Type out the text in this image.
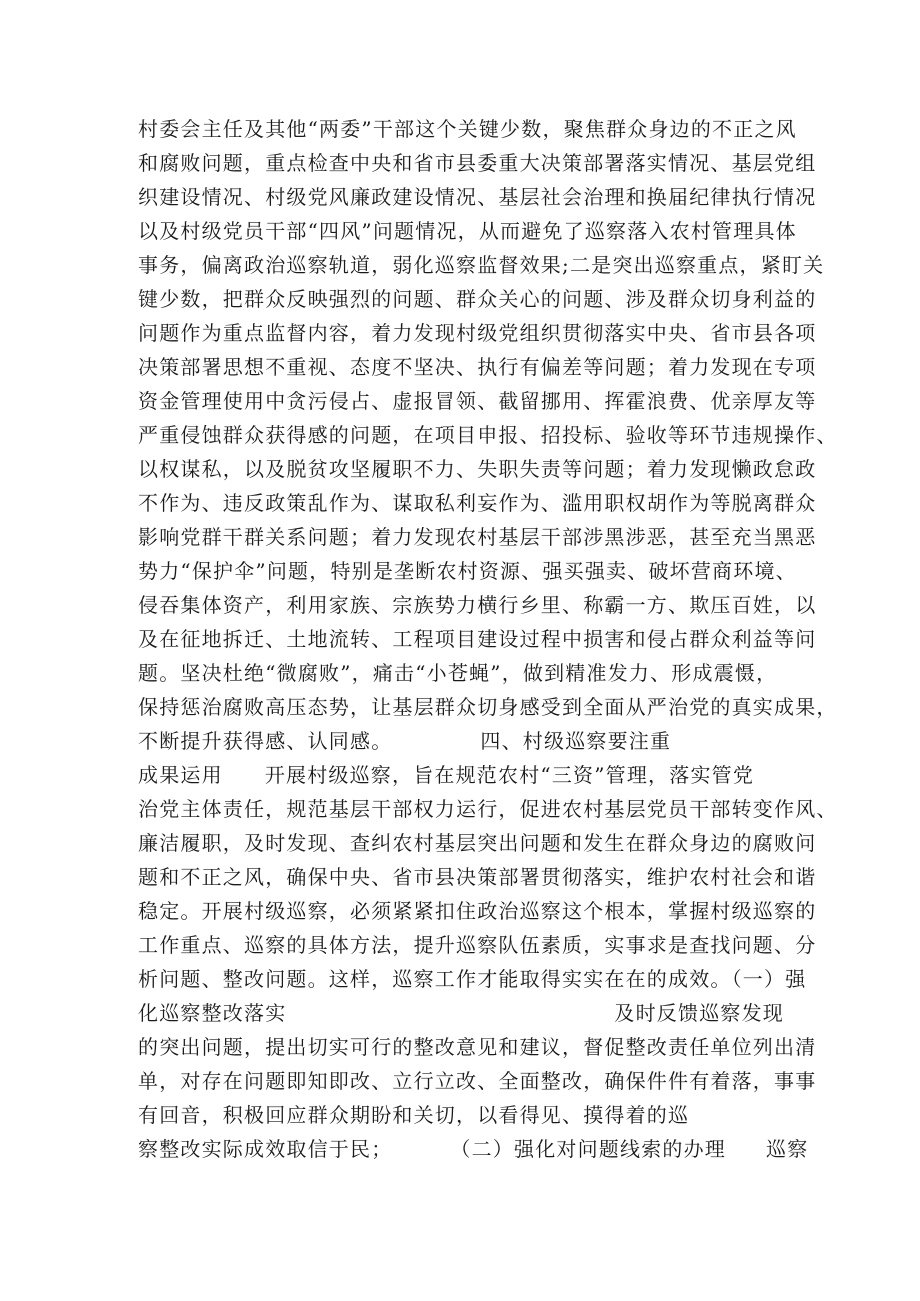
村委会主任及其他“两委”干部这个关键少数，聚焦群众身边的不正之风
和腐败问题，重点检查中央和省市县委重大决策部署落实情况、基层党组
织建设情况、村级党风廉政建设情况、基层社会治理和换届纪律执行情况
以及村级党员干部“四风”问题情况，从而避免了巡察落入农村管理具体
事务，偏离政治巡察轨道，弱化巡察监督效果;二是突出巡察重点，紧盯关
键少数，把群众反映强烈的问题、群众关心的问题、涉及群众切身利益的
问题作为重点监督内容，着力发现村级党组织贯彻落实中央、省市县各项
决策部署思想不重视、态度不坚决、执行有偏差等问题；着力发现在专项
资金管理使用中贪污侵占、虚报冒领、截留挪用、挥霍浪费、优亲厚友等
严重侵蚀群众获得感的问题，在项目申报、招投标、验收等环节违规操作、
以权谋私，以及脱贫攻坚履职不力、失职失责等问题；着力发现懒政怠政
不作为、违反政策乱作为、谋取私利妄作为、滥用职权胡作为等脱离群众
影响党群干群关系问题；着力发现农村基层干部涉黑涉恶，甚至充当黑恶
势力“保护伞”问题，特别是垄断农村资源、强买强卖、破坏营商环境、
侵吞集体资产，利用家族、宗族势力横行乡里、称霸一方、欺压百姓，以
及在征地拆迁、土地流转、工程项目建设过程中损害和侵占群众利益等问
题。坚决杜绝“微腐败”，痛击“小苍蝇”，做到精准发力、形成震慑，
保持惩治腐败高压态势，让基层群众切身感受到全面从严治党的真实成果，
不断提升获得感、认同感。	四、村级巡察要注重
成果运用 开展村级巡察，旨在规范农村“三资”管理，落实管党
治党主体责任，规范基层干部权力运行，促进农村基层党员干部转变作风、
廉洁履职，及时发现、查纠农村基层突出问题和发生在群众身边的腐败问
题和不正之风，确保中央、省市县决策部署贯彻落实，维护农村社会和谐
稳定。开展村级巡察，必须紧紧扣住政治巡察这个根本，掌握村级巡察的
工作重点、巡察的具体方法，提升巡察队伍素质，实事求是查找问题、分
析问题、整改问题。这样，巡察工作才能取得实实在在的成效。（一）强
化巡察整改落实	及时反馈巡察发现
的突出问题，提出切实可行的整改意见和建议，督促整改责任单位列出清
单，对存在问题即知即改、立行立改、全面整改，确保件件有着落，事事
有回音，积极回应群众期盼和关切，以看得见、摸得着的巡
察整改实际成效取信于民；	（二）强化对问题线索的办理 巡察
